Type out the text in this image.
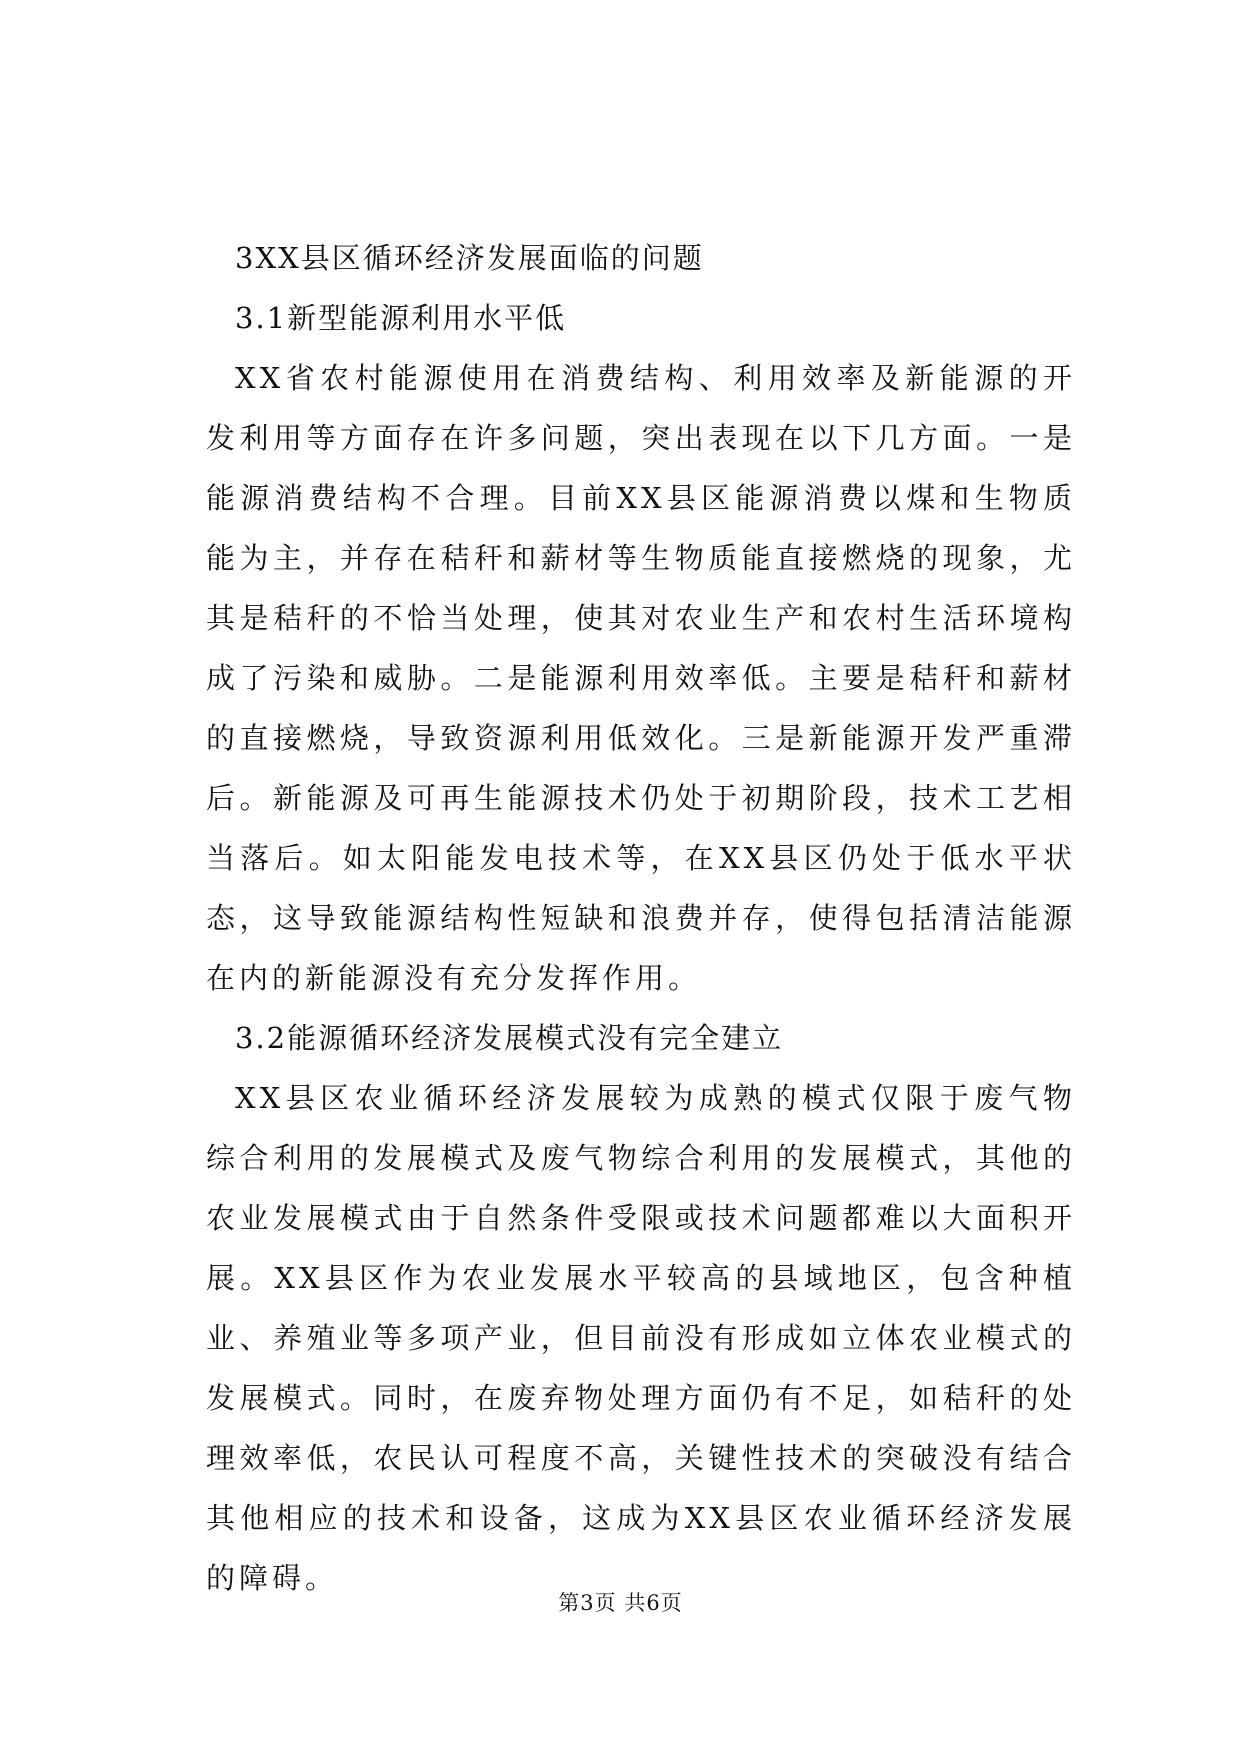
3XX县区循环经济发展面临的问题

3.1新型能源利用水平低

XX省农村能源使用在消费结构、利用效率及新能源的开发利用等方面存在许多问题，突出表现在以下几方面。一是能源消费结构不合理。目前XX县区能源消费以煤和生物质能为主，并存在秸秆和薪材等生物质能直接燃烧的现象，尤其是秸秆的不恰当处理，使其对农业生产和农村生活环境构成了污染和威胁。二是能源利用效率低。主要是秸秆和薪材的直接燃烧，导致资源利用低效化。三是新能源开发严重滞后。新能源及可再生能源技术仍处于初期阶段，技术工艺相当落后。如太阳能发电技术等，在XX县区仍处于低水平状态，这导致能源结构性短缺和浪费并存，使得包括清洁能源在内的新能源没有充分发挥作用。

3.2能源循环经济发展模式没有完全建立

XX县区农业循环经济发展较为成熟的模式仅限于废气物综合利用的发展模式及废气物综合利用的发展模式，其他的农业发展模式由于自然条件受限或技术问题都难以大面积开展。XX县区作为农业发展水平较高的县域地区，包含种植业、养殖业等多项产业，但目前没有形成如立体农业模式的发展模式。同时，在废弃物处理方面仍有不足，如秸秆的处理效率低，农民认可程度不高，关键性技术的突破没有结合其他相应的技术和设备，这成为XX县区农业循环经济发展的障碍。

第3页 共6页
